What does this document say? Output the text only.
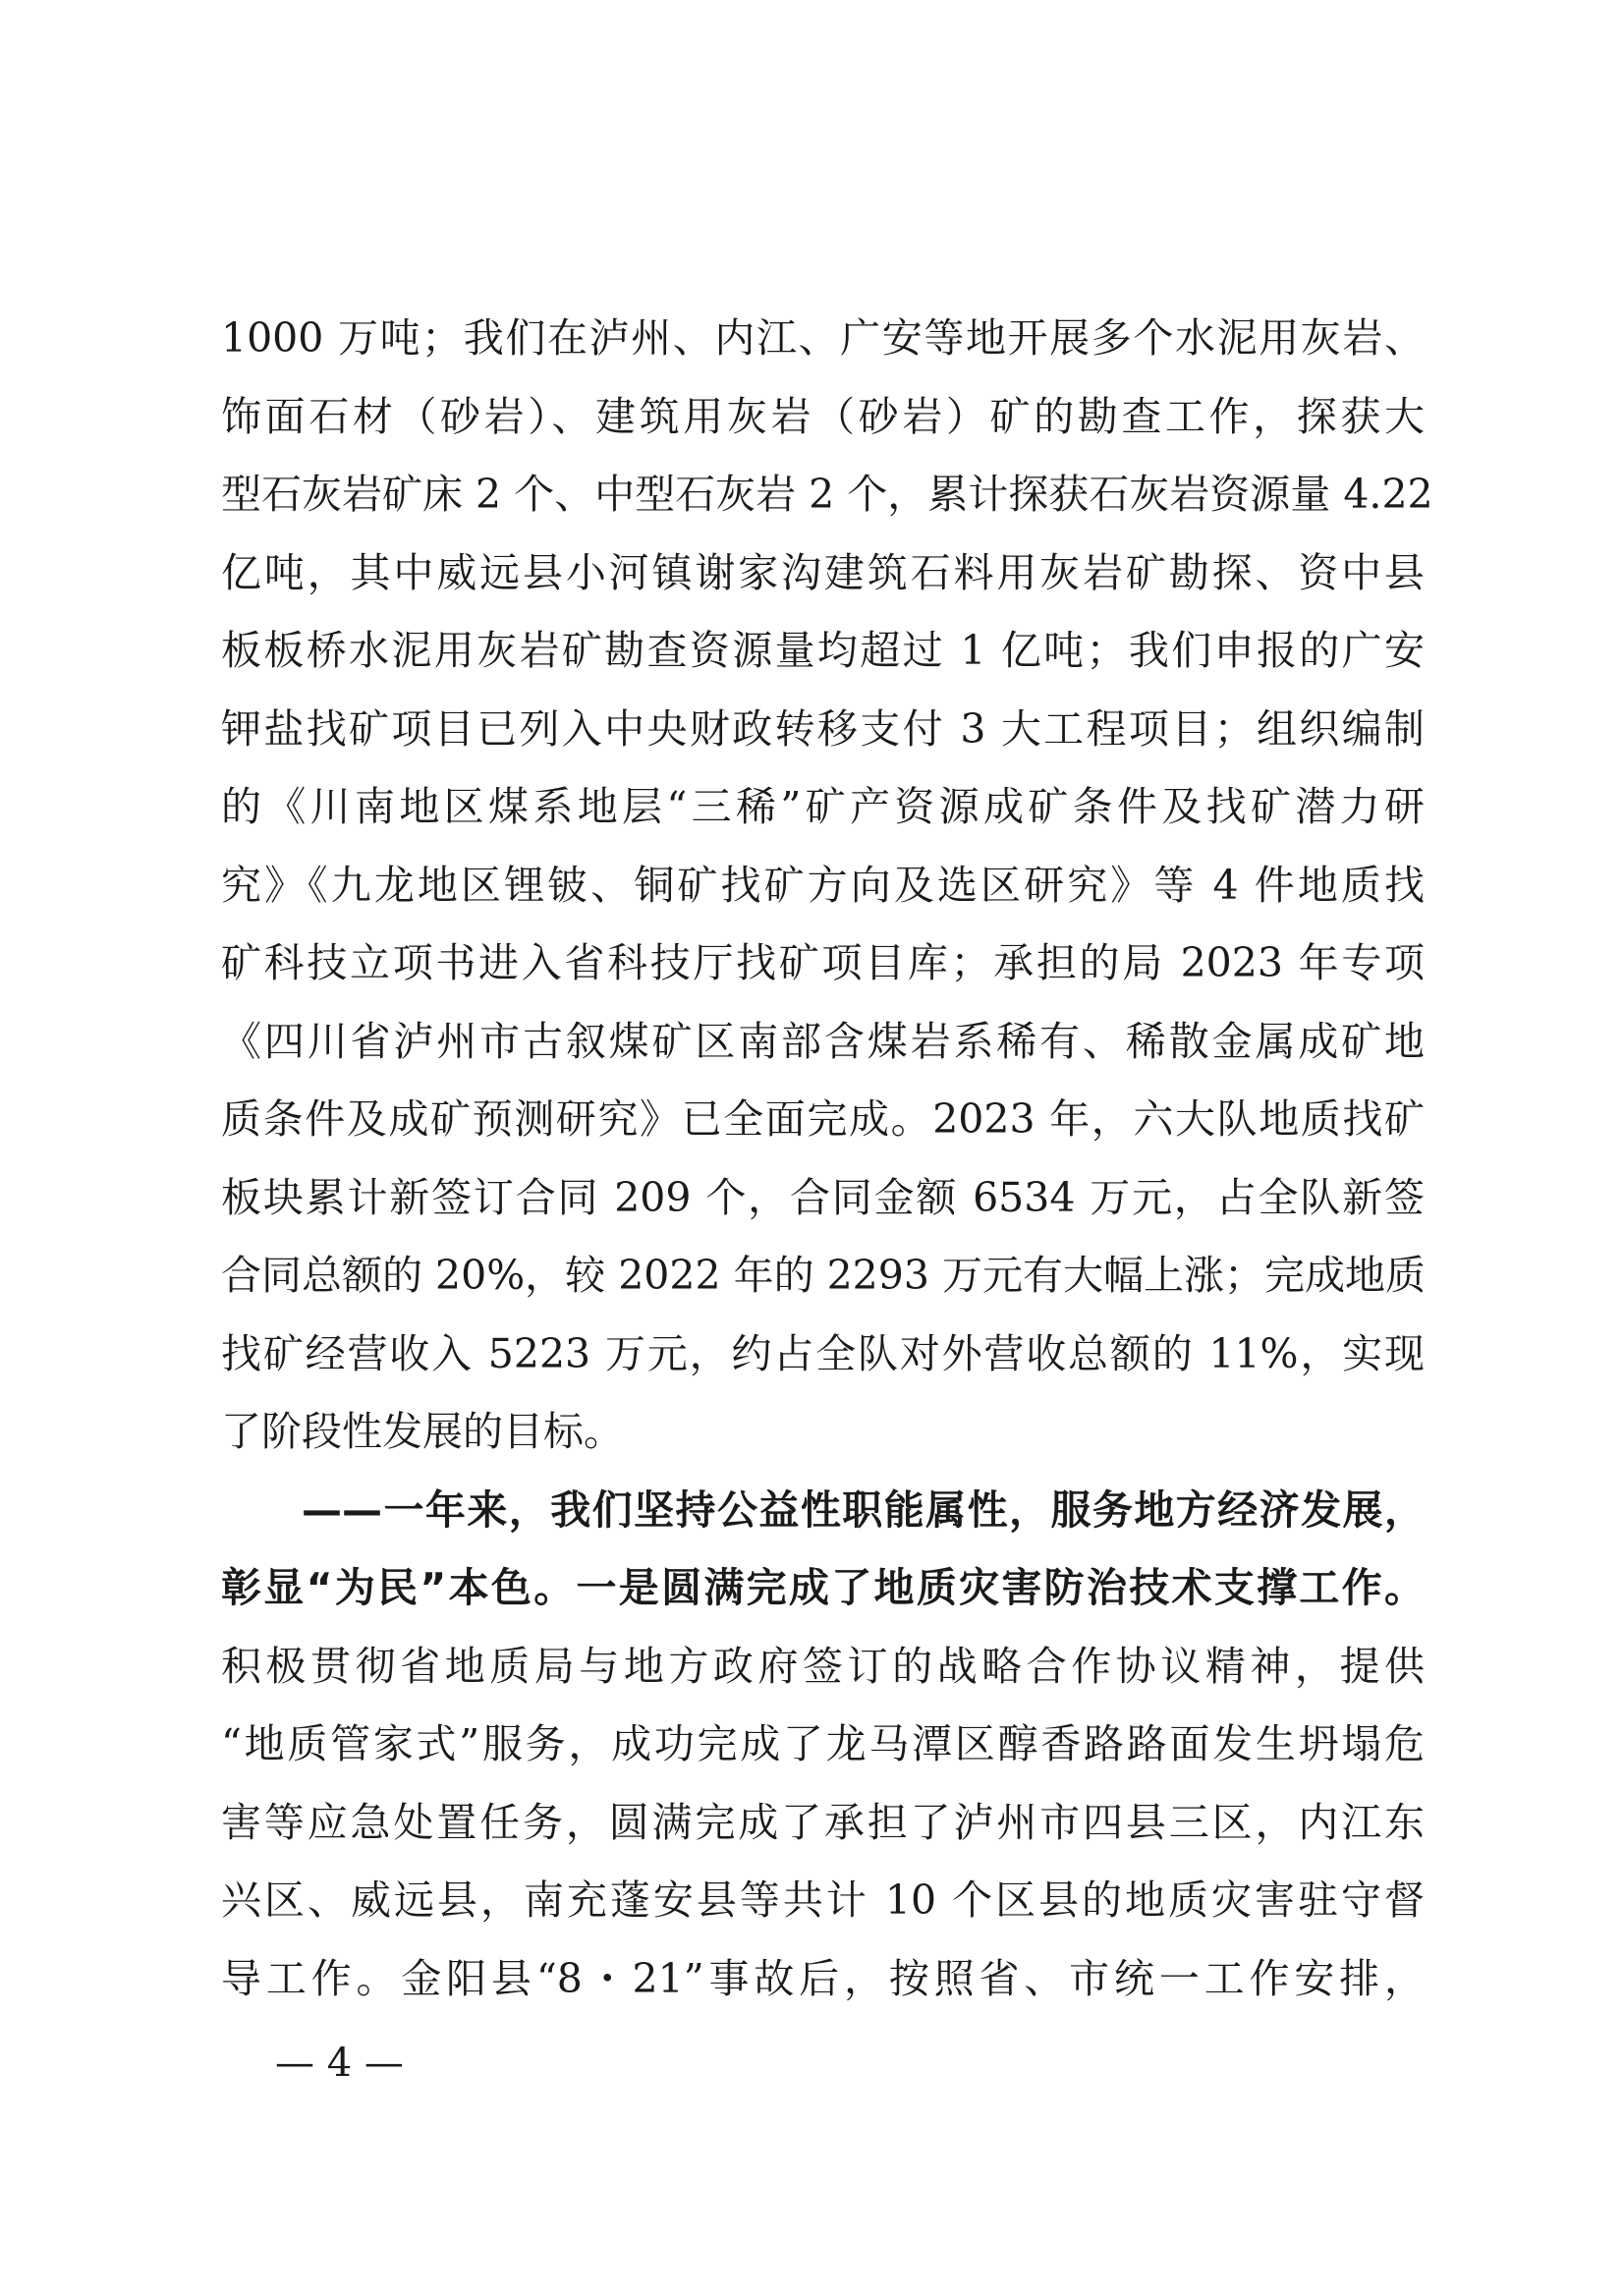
1000 万吨；我们在泸州、内江、广安等地开展多个水泥用灰岩、
饰面石材（砂岩）、建筑用灰岩（砂岩）矿的勘查工作，探获大
型石灰岩矿床 2 个、中型石灰岩 2 个，累计探获石灰岩资源量 4.22
亿吨，其中威远县小河镇谢家沟建筑石料用灰岩矿勘探、资中县
板板桥水泥用灰岩矿勘查资源量均超过 1 亿吨；我们申报的广安
钾盐找矿项目已列入中央财政转移支付 3 大工程项目；组织编制
的《川南地区煤系地层“三稀”矿产资源成矿条件及找矿潜力研
究》《九龙地区锂铍、铜矿找矿方向及选区研究》等 4 件地质找
矿科技立项书进入省科技厅找矿项目库；承担的局 2023 年专项
《四川省泸州市古叙煤矿区南部含煤岩系稀有、稀散金属成矿地
质条件及成矿预测研究》已全面完成。2023 年，六大队地质找矿
板块累计新签订合同 209 个，合同金额 6534 万元，占全队新签
合同总额的 20%，较 2022 年的 2293 万元有大幅上涨；完成地质
找矿经营收入 5223 万元，约占全队对外营收总额的 11%，实现
了阶段性发展的目标。
——一年来，我们坚持公益性职能属性，服务地方经济发展，
彰显“为民”本色。一是圆满完成了地质灾害防治技术支撑工作。
积极贯彻省地质局与地方政府签订的战略合作协议精神，提供
“地质管家式”服务，成功完成了龙马潭区醇香路路面发生坍塌危
害等应急处置任务，圆满完成了承担了泸州市四县三区，内江东
兴区、威远县，南充蓬安县等共计 10 个区县的地质灾害驻守督
导工作。金阳县“8・21”事故后，按照省、市统一工作安排，
— 4 —
